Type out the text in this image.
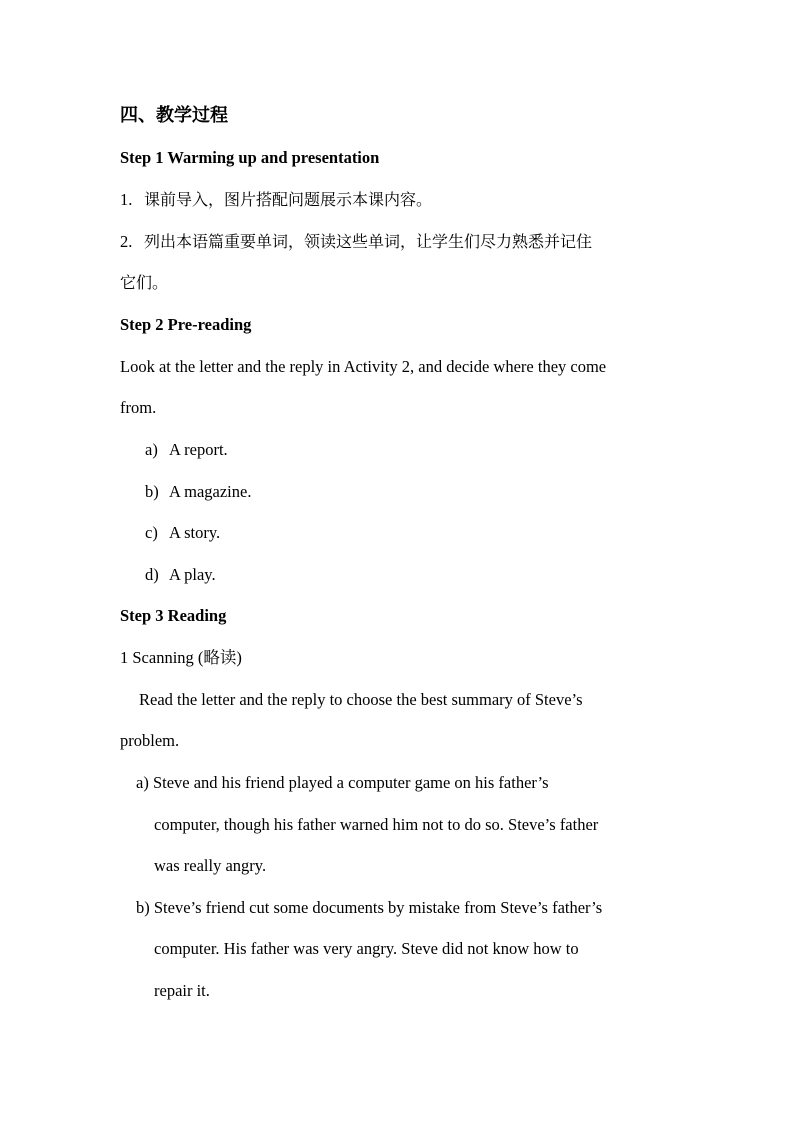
四、教学过程
Step 1 Warming up and presentation
1. 课前导入，图片搭配问题展示本课内容。
2. 列出本语篇重要单词，领读这些单词，让学生们尽力熟悉并记住
它们。
Step 2 Pre-reading
Look at the letter and the reply in Activity 2, and decide where they come
from.
a) A report.
b) A magazine.
c) A story.
d) A play.
Step 3 Reading
1 Scanning (略读)
Read the letter and the reply to choose the best summary of Steve’s
problem.
a) Steve and his friend played a computer game on his father’s
computer, though his father warned him not to do so. Steve’s father
was really angry.
b) Steve’s friend cut some documents by mistake from Steve’s father’s
computer. His father was very angry. Steve did not know how to
repair it.
